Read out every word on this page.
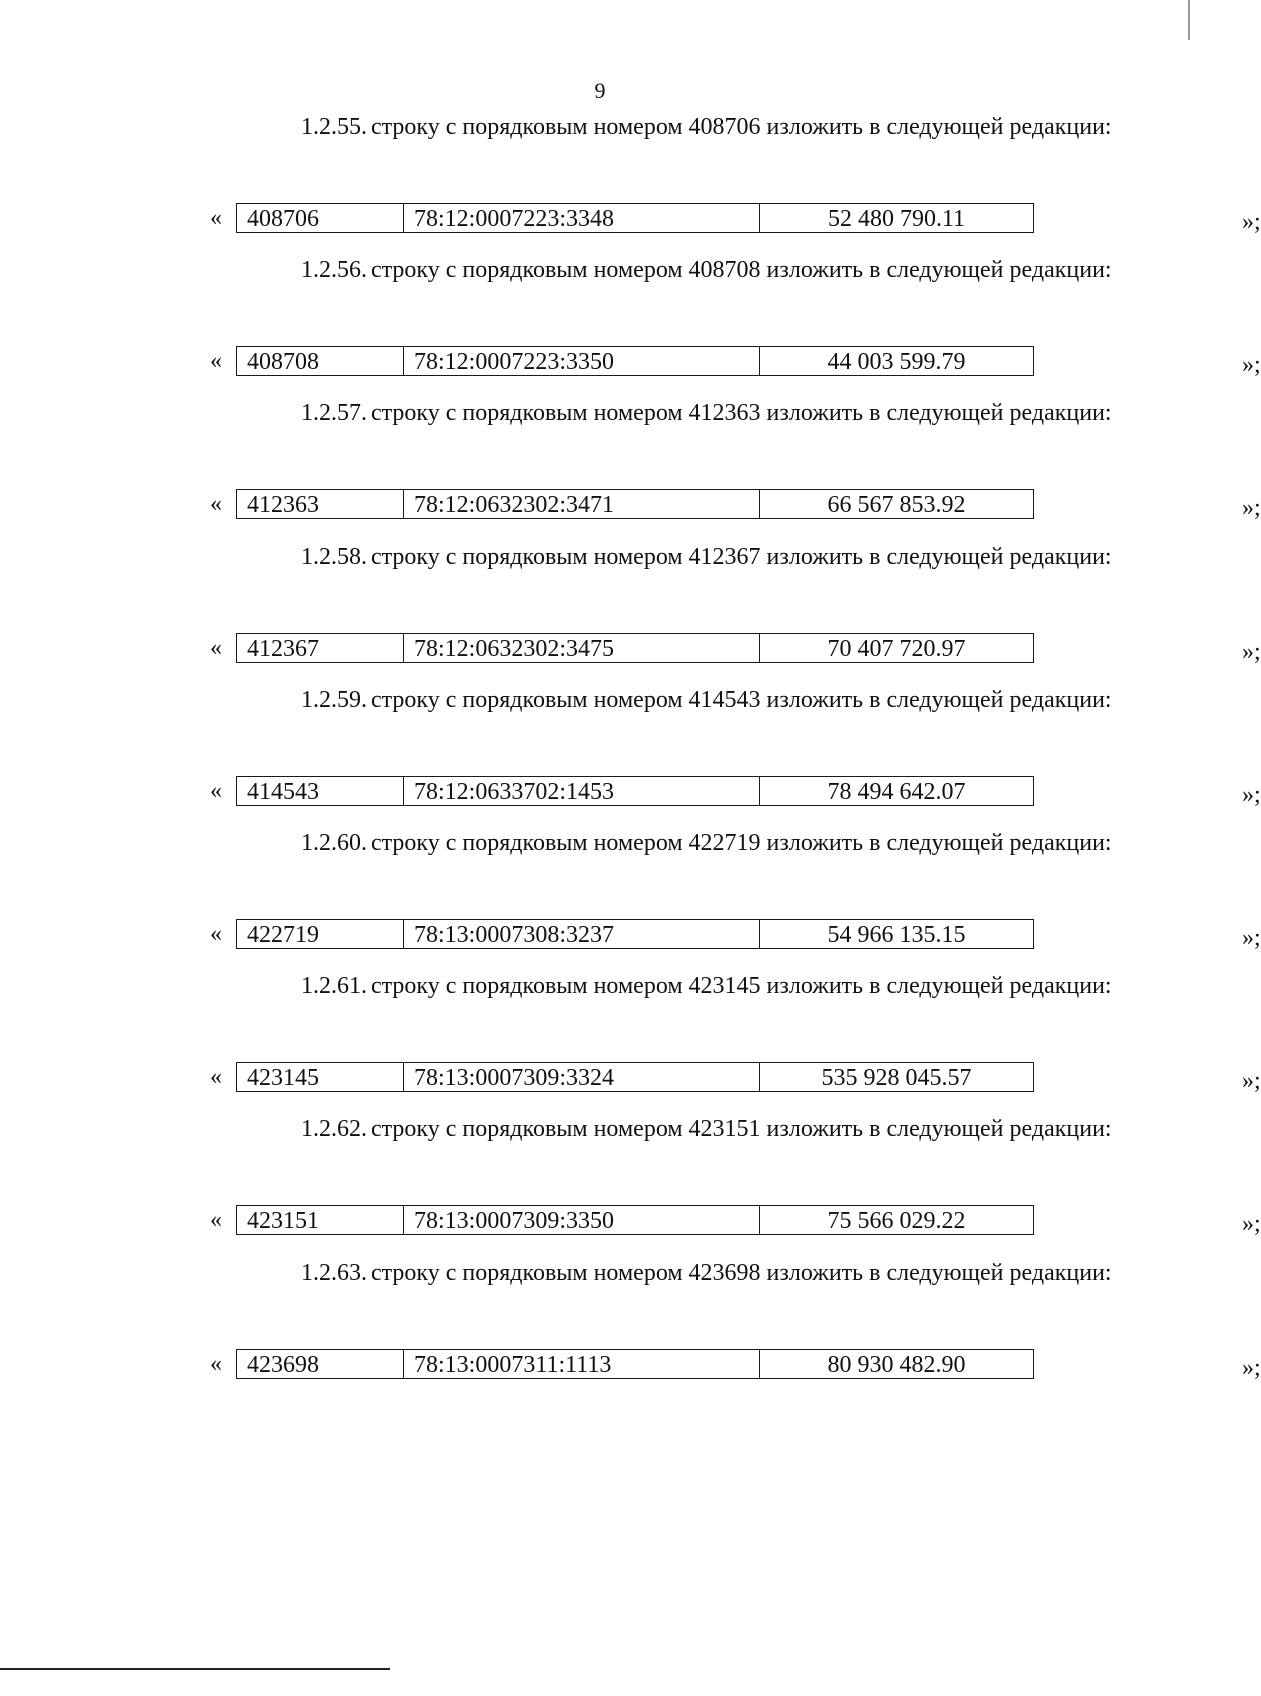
9

1.2.55. строку с порядковым номером 408706 изложить в следующей редакции:

« 408706	78:12:0007223:3348	52 480 790.11	»;

1.2.56. строку с порядковым номером 408708 изложить в следующей редакции:

« 408708	78:12:0007223:3350	44 003 599.79	»;

1.2.57. строку с порядковым номером 412363 изложить в следующей редакции:

« 412363	78:12:0632302:3471	66 567 853.92	»;

1.2.58. строку с порядковым номером 412367 изложить в следующей редакции:

« 412367	78:12:0632302:3475	70 407 720.97	»;

1.2.59. строку с порядковым номером 414543 изложить в следующей редакции:

« 414543	78:12:0633702:1453	78 494 642.07	»;

1.2.60. строку с порядковым номером 422719 изложить в следующей редакции:

« 422719	78:13:0007308:3237	54 966 135.15	»;

1.2.61. строку с порядковым номером 423145 изложить в следующей редакции:

« 423145	78:13:0007309:3324	535 928 045.57	»;

1.2.62. строку с порядковым номером 423151 изложить в следующей редакции:

« 423151	78:13:0007309:3350	75 566 029.22	»;

1.2.63. строку с порядковым номером 423698 изложить в следующей редакции:

« 423698	78:13:0007311:1113	80 930 482.90	»;
